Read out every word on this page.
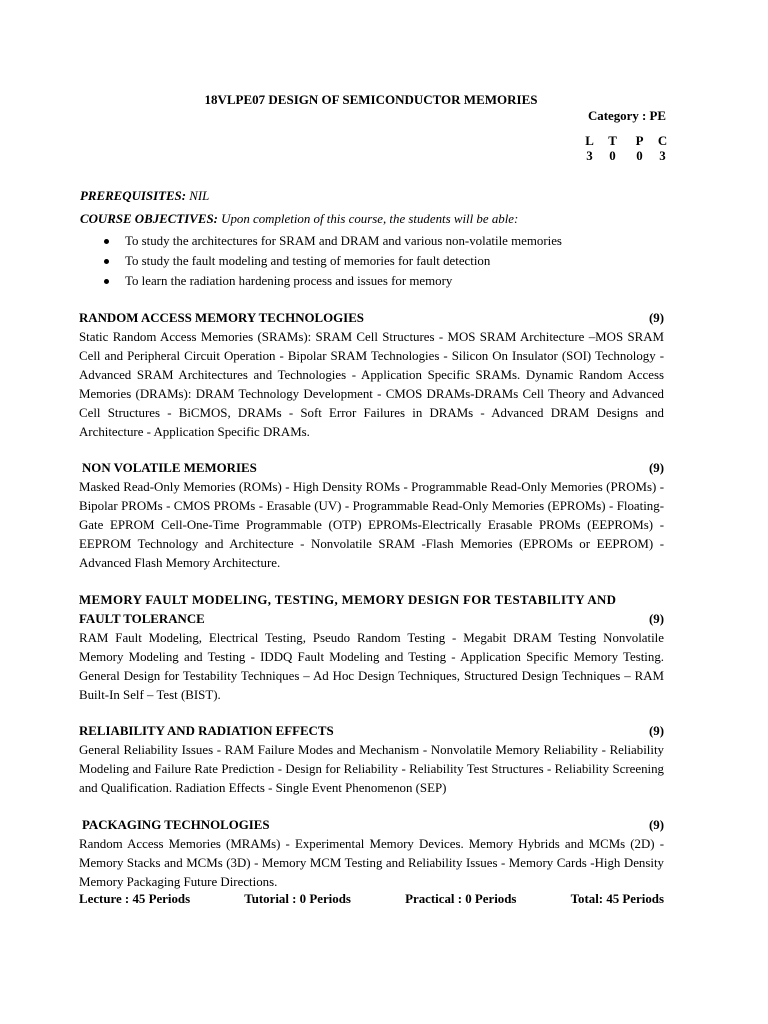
18VLPE07 DESIGN OF SEMICONDUCTOR MEMORIES
Category : PE
L T P C
3 0 0 3
PREREQUISITES: NIL
COURSE OBJECTIVES: Upon completion of this course, the students will be able:
To study the architectures for SRAM and DRAM and various non-volatile memories
To study the fault modeling and testing of memories for fault detection
To learn the radiation hardening process and issues for memory
RANDOM ACCESS MEMORY TECHNOLOGIES	(9)
Static Random Access Memories (SRAMs): SRAM Cell Structures - MOS SRAM Architecture –MOS SRAM Cell and Peripheral Circuit Operation - Bipolar SRAM Technologies - Silicon On Insulator (SOI) Technology - Advanced SRAM Architectures and Technologies - Application Specific SRAMs. Dynamic Random Access Memories (DRAMs): DRAM Technology Development - CMOS DRAMs-DRAMs Cell Theory and Advanced Cell Structures - BiCMOS, DRAMs - Soft Error Failures in DRAMs - Advanced DRAM Designs and Architecture - Application Specific DRAMs.
NON VOLATILE MEMORIES	(9)
Masked Read-Only Memories (ROMs) - High Density ROMs - Programmable Read-Only Memories (PROMs) - Bipolar PROMs - CMOS PROMs - Erasable (UV) - Programmable Read-Only Memories (EPROMs) - Floating-Gate EPROM Cell-One-Time Programmable (OTP) EPROMs-Electrically Erasable PROMs (EEPROMs) - EEPROM Technology and Architecture - Nonvolatile SRAM -Flash Memories (EPROMs or EEPROM) - Advanced Flash Memory Architecture.
MEMORY FAULT MODELING, TESTING, MEMORY DESIGN FOR TESTABILITY AND
FAULT TOLERANCE	(9)
RAM Fault Modeling, Electrical Testing, Pseudo Random Testing - Megabit DRAM Testing Nonvolatile Memory Modeling and Testing - IDDQ Fault Modeling and Testing - Application Specific Memory Testing. General Design for Testability Techniques – Ad Hoc Design Techniques, Structured Design Techniques – RAM Built-In Self – Test (BIST).
RELIABILITY AND RADIATION EFFECTS	(9)
General Reliability Issues - RAM Failure Modes and Mechanism - Nonvolatile Memory Reliability - Reliability Modeling and Failure Rate Prediction - Design for Reliability - Reliability Test Structures - Reliability Screening and Qualification. Radiation Effects - Single Event Phenomenon (SEP)
PACKAGING TECHNOLOGIES	(9)
Random Access Memories (MRAMs) - Experimental Memory Devices. Memory Hybrids and MCMs (2D) - Memory Stacks and MCMs (3D) - Memory MCM Testing and Reliability Issues - Memory Cards -High Density Memory Packaging Future Directions.
Lecture : 45 Periods	Tutorial : 0 Periods	Practical : 0 Periods	Total: 45 Periods
